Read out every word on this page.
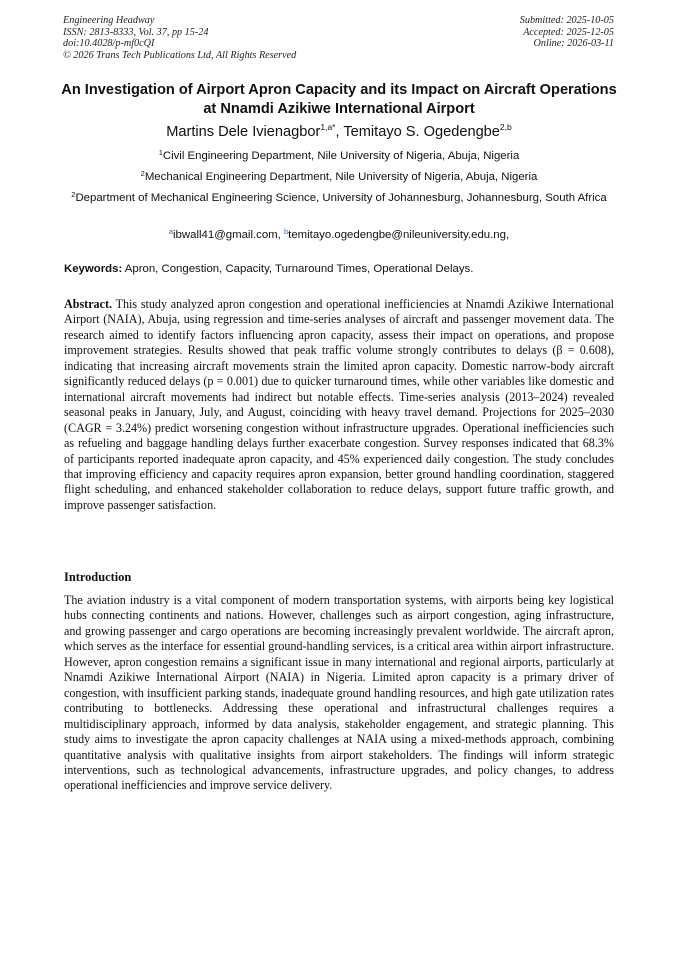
Engineering Headway
ISSN: 2813-8333, Vol. 37, pp 15-24
doi:10.4028/p-mf0cQI
© 2026 Trans Tech Publications Ltd, All Rights Reserved
Submitted: 2025-10-05
Accepted: 2025-12-05
Online: 2026-03-11
An Investigation of Airport Apron Capacity and its Impact on Aircraft Operations at Nnamdi Azikiwe International Airport
Martins Dele Ivienagbor$^{1,a*}$, Temitayo S. Ogedengbe$^{2,b}$
$^1$Civil Engineering Department, Nile University of Nigeria, Abuja, Nigeria
$^2$Mechanical Engineering Department, Nile University of Nigeria, Abuja, Nigeria
$^2$Department of Mechanical Engineering Science, University of Johannesburg, Johannesburg, South Africa
$^a$ibwall41@gmail.com, $^b$temitayo.ogedengbe@nileuniversity.edu.ng,
Keywords: Apron, Congestion, Capacity, Turnaround Times, Operational Delays.
Abstract. This study analyzed apron congestion and operational inefficiencies at Nnamdi Azikiwe International Airport (NAIA), Abuja, using regression and time-series analyses of aircraft and passenger movement data. The research aimed to identify factors influencing apron capacity, assess their impact on operations, and propose improvement strategies. Results showed that peak traffic volume strongly contributes to delays (β = 0.608), indicating that increasing aircraft movements strain the limited apron capacity. Domestic narrow-body aircraft significantly reduced delays (p = 0.001) due to quicker turnaround times, while other variables like domestic and international aircraft movements had indirect but notable effects. Time-series analysis (2013–2024) revealed seasonal peaks in January, July, and August, coinciding with heavy travel demand. Projections for 2025–2030 (CAGR = 3.24%) predict worsening congestion without infrastructure upgrades. Operational inefficiencies such as refueling and baggage handling delays further exacerbate congestion. Survey responses indicated that 68.3% of participants reported inadequate apron capacity, and 45% experienced daily congestion. The study concludes that improving efficiency and capacity requires apron expansion, better ground handling coordination, staggered flight scheduling, and enhanced stakeholder collaboration to reduce delays, support future traffic growth, and improve passenger satisfaction.
Introduction
The aviation industry is a vital component of modern transportation systems, with airports being key logistical hubs connecting continents and nations. However, challenges such as airport congestion, aging infrastructure, and growing passenger and cargo operations are becoming increasingly prevalent worldwide. The aircraft apron, which serves as the interface for essential ground-handling services, is a critical area within airport infrastructure. However, apron congestion remains a significant issue in many international and regional airports, particularly at Nnamdi Azikiwe International Airport (NAIA) in Nigeria. Limited apron capacity is a primary driver of congestion, with insufficient parking stands, inadequate ground handling resources, and high gate utilization rates contributing to bottlenecks. Addressing these operational and infrastructural challenges requires a multidisciplinary approach, informed by data analysis, stakeholder engagement, and strategic planning. This study aims to investigate the apron capacity challenges at NAIA using a mixed-methods approach, combining quantitative analysis with qualitative insights from airport stakeholders. The findings will inform strategic interventions, such as technological advancements, infrastructure upgrades, and policy changes, to address operational inefficiencies and improve service delivery.
